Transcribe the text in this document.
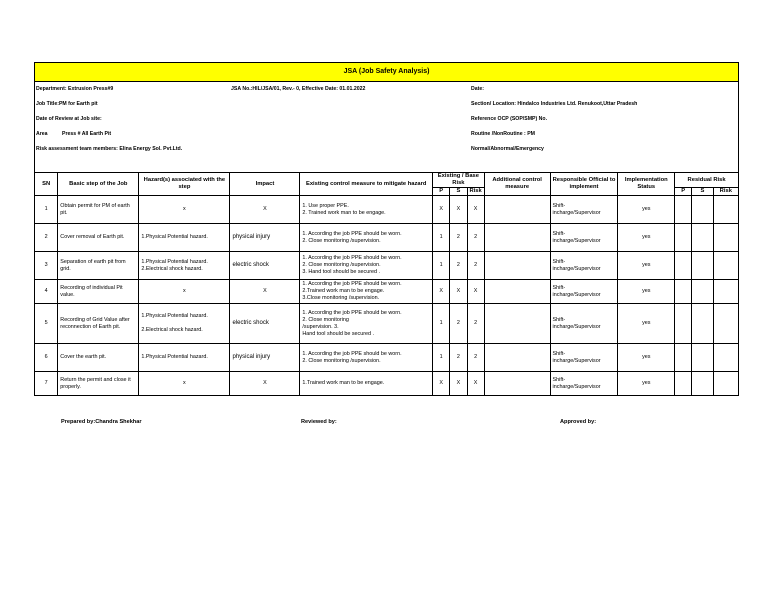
JSA (Job Safety Analysis)
Department: Extrusion Press#9	JSA No.:HIL/JSA/01, Rev.- 0, Effective Date: 01.01.2022	Date:
Job Title:PM for Earth pit	Section/ Location: Hindalco Industries Ltd. Renukoot,Uttar Pradesh
Date of Review at Job site:	Reference OCP (SOP/SMP) No.
Area	Press # All Earth Pit	Routine /NonRoutine : PM
Risk assessment team members: Elina Energy Sol. Pvt.Ltd.	Normal/Abnormal/Emergency
SN	Basic step of the Job	Hazard(s) associated with the step	Impact	Existing control measure to mitigate hazard	Existing / Base Risk			Additional control measure	Responsible Official to implement	Implementation Status	Residual Risk		
					P	S	Risk				P	S	Risk
1	Obtain permit for PM of earth pit.	x	X	1. Use proper PPE.
2. Trained work man to be engage.	X	X	X		Shift-
incharge/Supervisor	yes			
2	Cover removal of Earth pit.	1.Physical Potential hazard.	physical injury	1. According the job PPE should be worn.
2. Close monitoring /supervision.	1	2	2		Shift-
incharge/Supervisor	yes			
3	Separation of earth pit from grid.	1.Physical Potential hazard.
2.Electrical shock hazard.	electric shock	1. According the job PPE should be worn.
2. Close monitoring /supervision.
3. Hand tool should be secured .	1	2	2		Shift-
incharge/Supervisor	yes			
4	Recording of individual Pit value.	x	X	1. According the job PPE should be worn.
2.Trained work man to be engage.
3.Close monitoring /supervision.	X	X	X		Shift-
incharge/Supervisor	yes			
5	Recording of Grid Value after reconnection of Earth pit.	1.Physical Potential hazard.

2.Electrical shock hazard.	electric shock	1. According the job PPE should be worn.
2. Close monitoring
/supervision. 3.
Hand tool should be secured .	1	2	2		Shift-
incharge/Supervisor	yes			
6	Cover the earth pit.	1.Physical Potential hazard.	physical injury	1. According the job PPE should be worn.
2. Close monitoring /supervision.	1	2	2		Shift-
incharge/Supervisor	yes			
7	Return the permit and close it properly.	x	X	1.Trained work man to be engage.	X	X	X		Shift-
incharge/Supervisor	yes			
Prepared by:Chandra Shekhar	Reviewed by:	Approved by:
